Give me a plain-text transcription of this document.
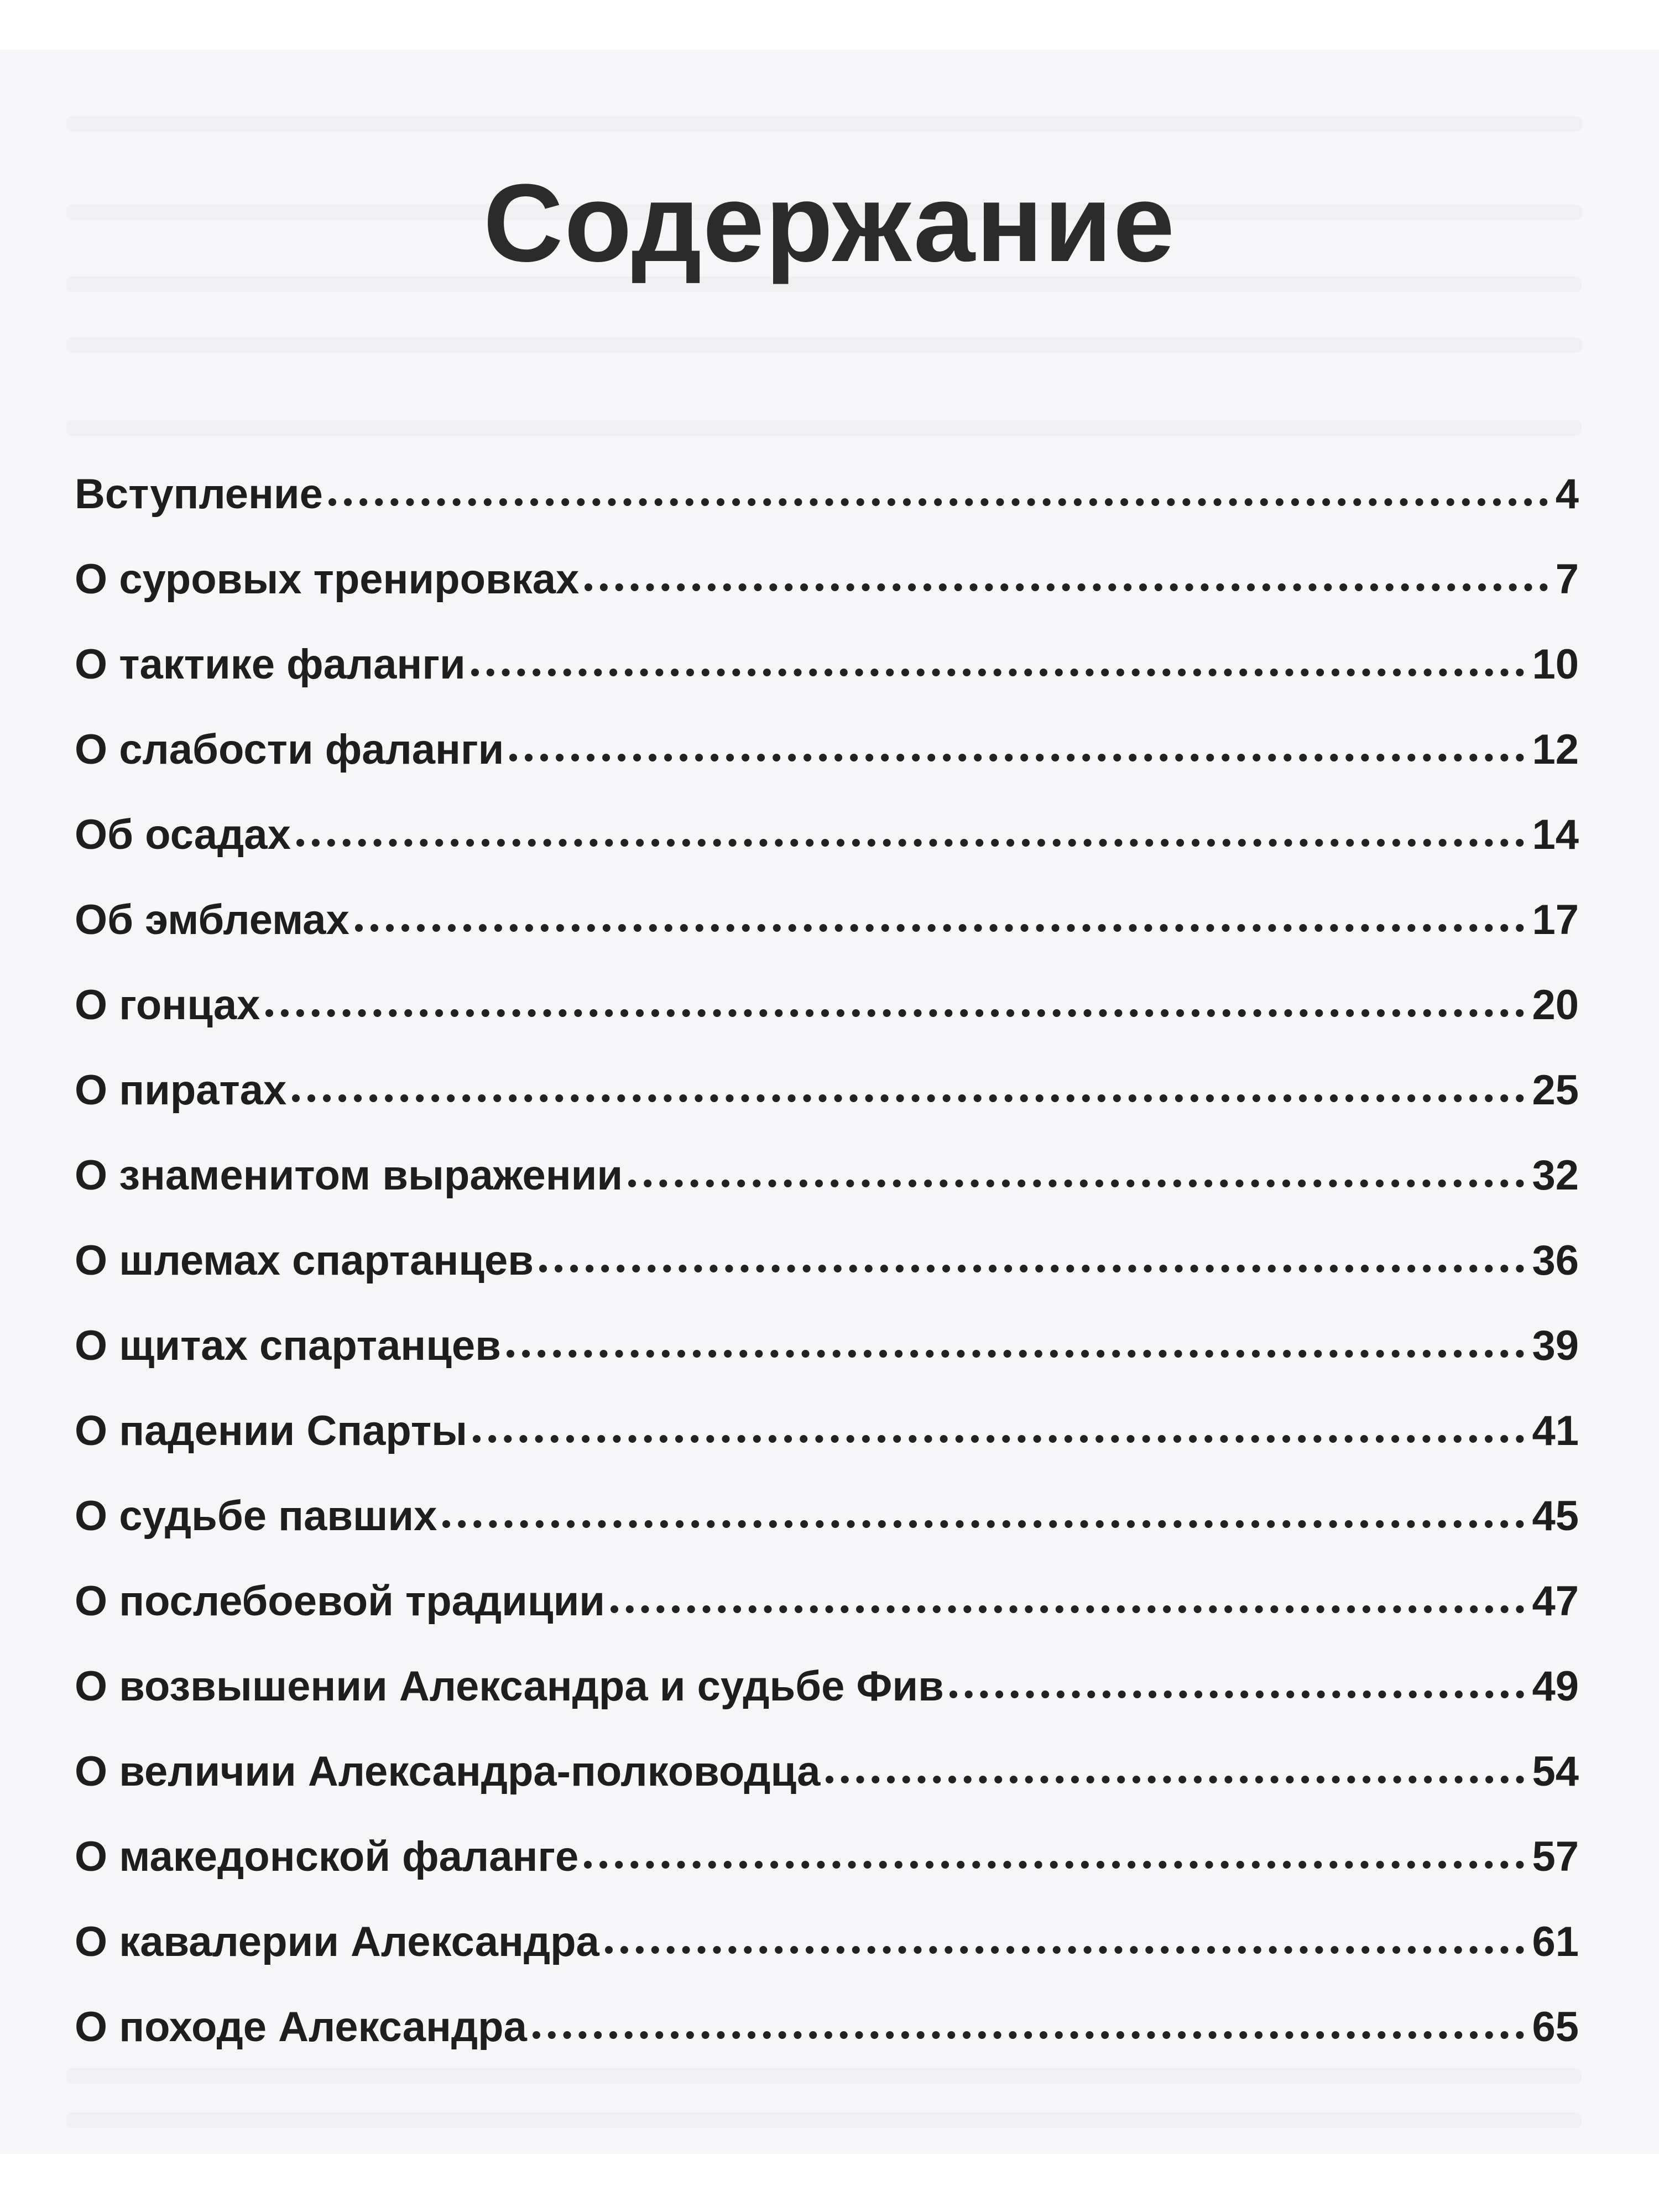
Содержание
Вступление	4
О суровых тренировках	7
О тактике фаланги	10
О слабости фаланги	12
Об осадах	14
Об эмблемах	17
О гонцах	20
О пиратах	25
О знаменитом выражении	32
О шлемах спартанцев	36
О щитах спартанцев	39
О падении Спарты	41
О судьбе павших	45
О послебоевой традиции	47
О возвышении Александра и судьбе Фив	49
О величии Александра-полководца	54
О македонской фаланге	57
О кавалерии Александра	61
О походе Александра	65
